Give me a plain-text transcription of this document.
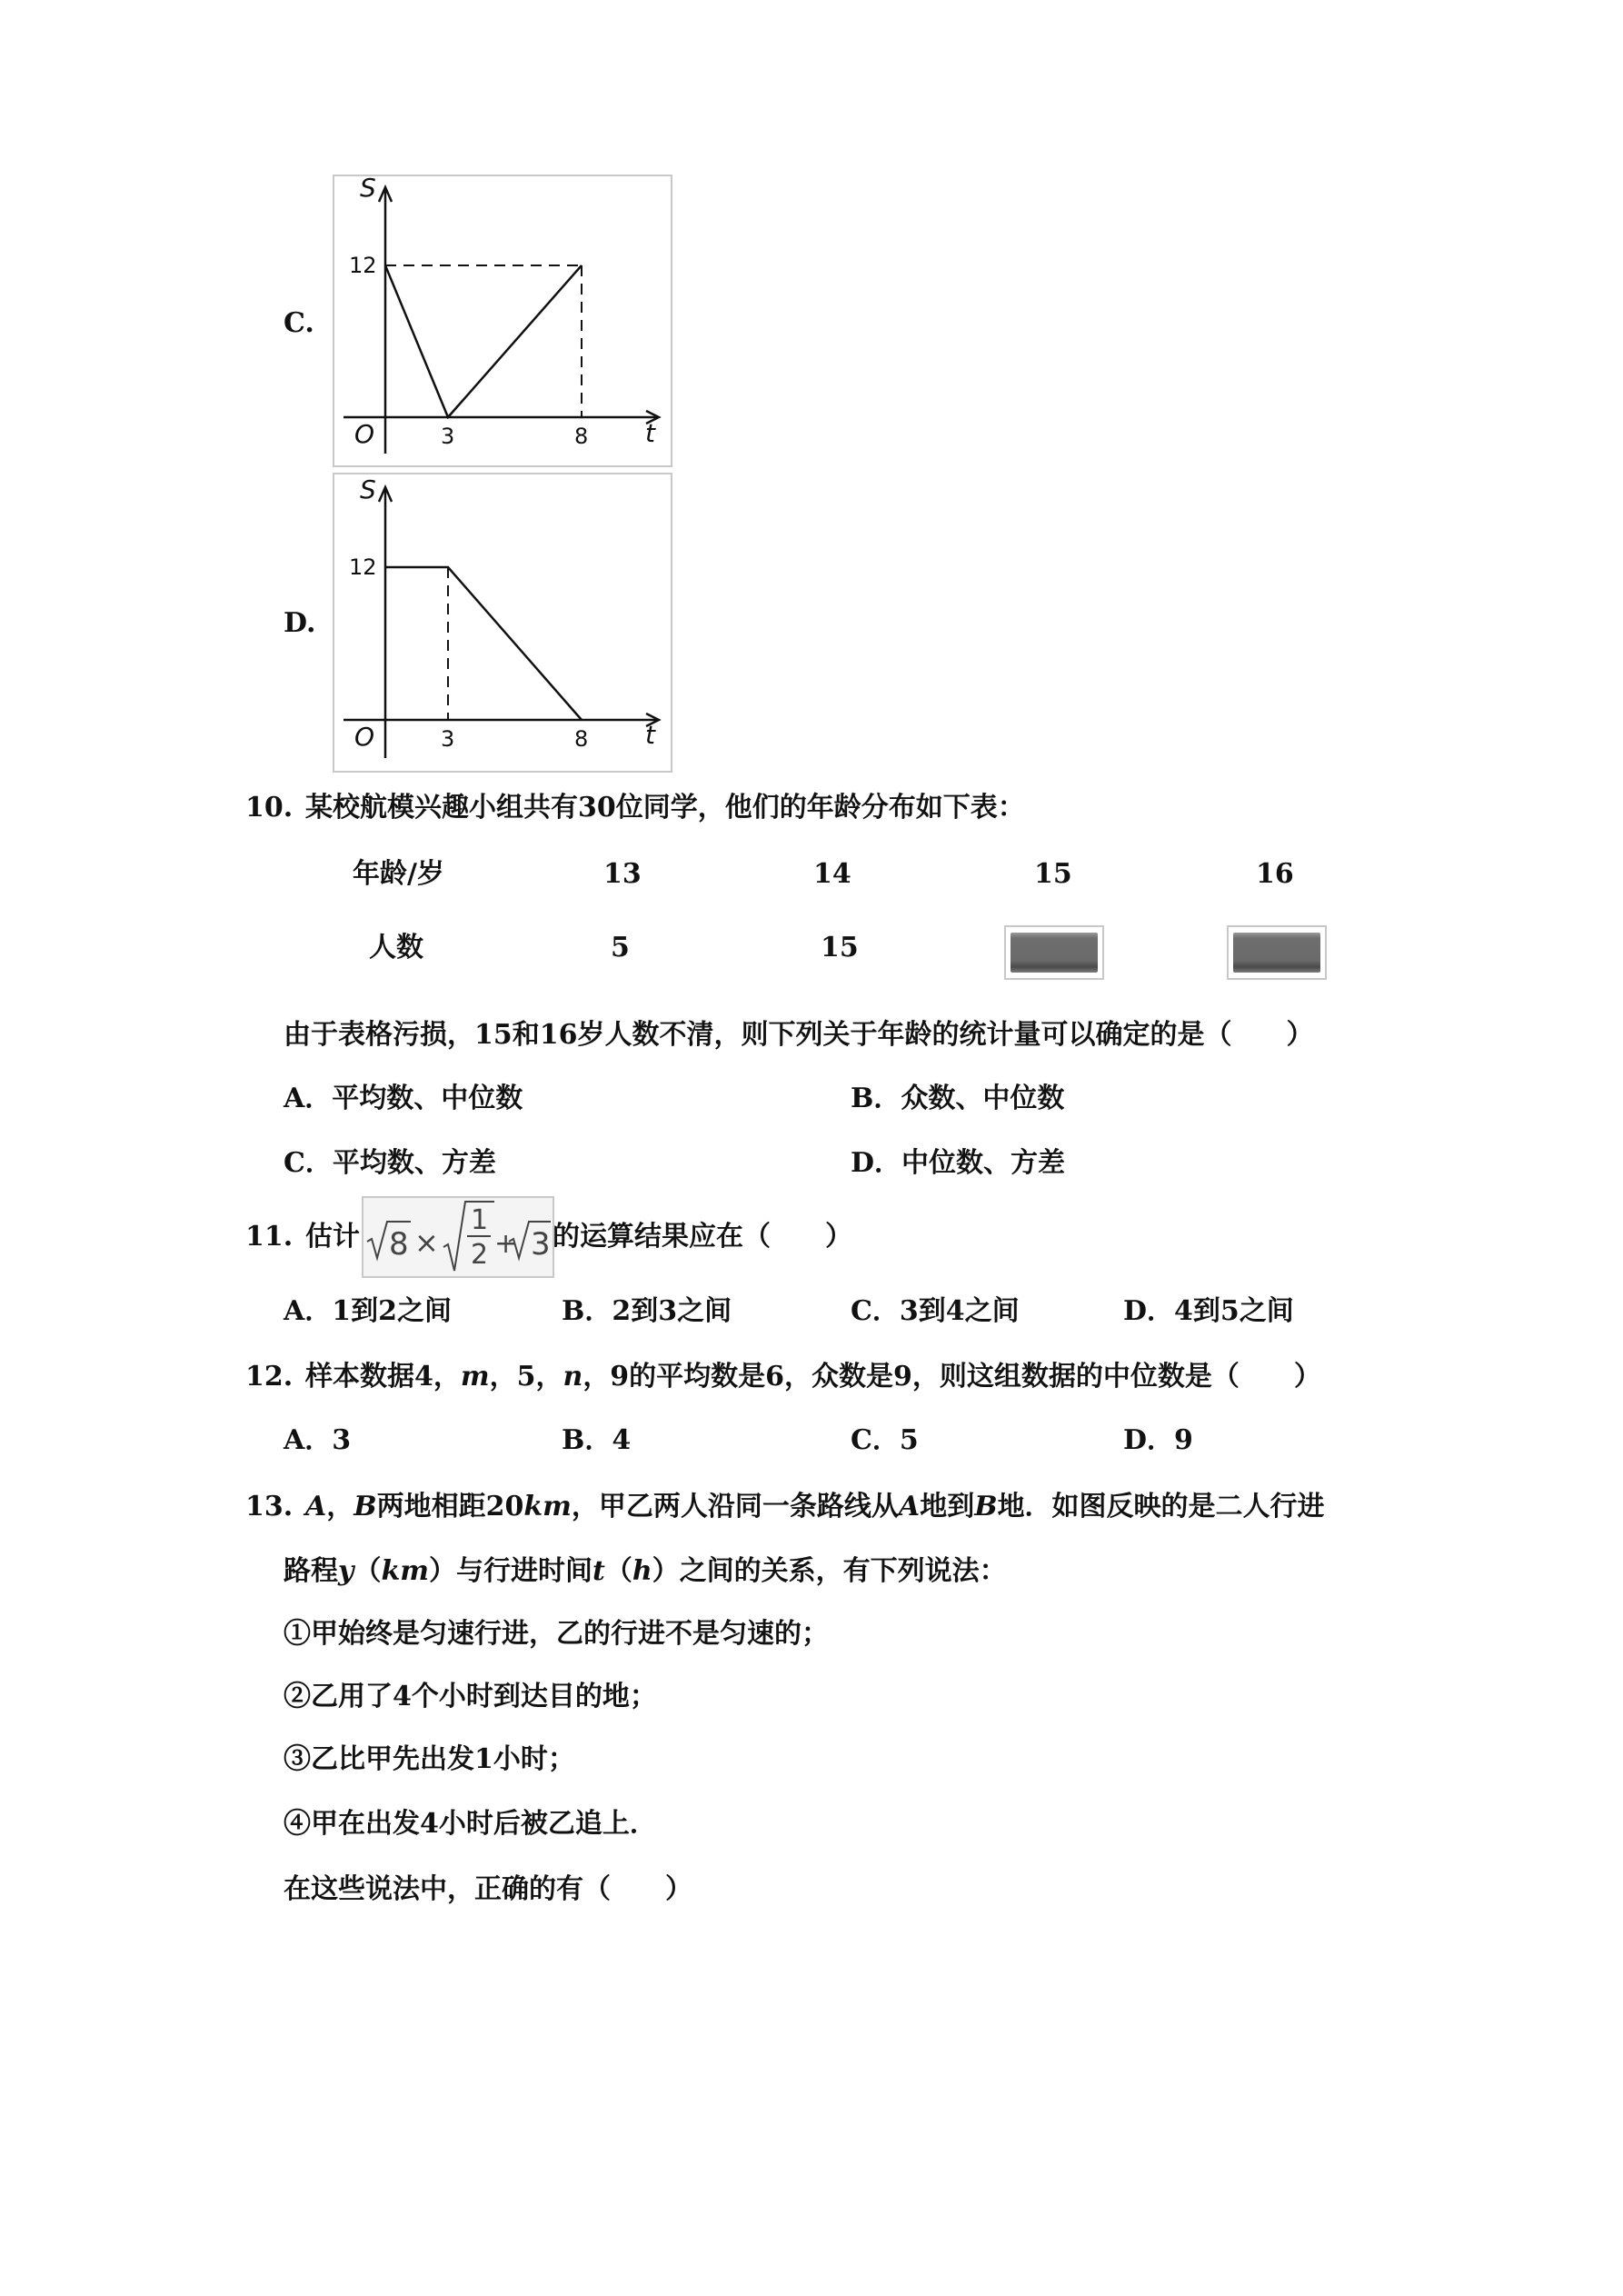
C.
S
t
O
12
3	8
D.
S
t
O
12
3	8
10. 某校航模兴趣小组共有30位同学，他们的年龄分布如下表：
年龄/岁	13	14	15	16
人数	5	15
由于表格污损，15和16岁人数不清，则下列关于年龄的统计量可以确定的是（　　）
A．平均数、中位数	B．众数、中位数
C．平均数、方差	D．中位数、方差
11. 估计 8 ×
1
2 + 3 的运算结果应在（　　）
A．1到2之间	B．2到3之间	C．3到4之间	D．4到5之间
12. 样本数据4，m，5，n，9的平均数是6，众数是9，则这组数据的中位数是（　　）
A．3	B．4	C．5	D．9
13. A，B两地相距20km，甲乙两人沿同一条路线从A地到B地．如图反映的是二人行进
路程y（km）与行进时间t（h）之间的关系，有下列说法：
①甲始终是匀速行进，乙的行进不是匀速的；
②乙用了4个小时到达目的地；
③乙比甲先出发1小时；
④甲在出发4小时后被乙追上．
在这些说法中，正确的有（　　）
